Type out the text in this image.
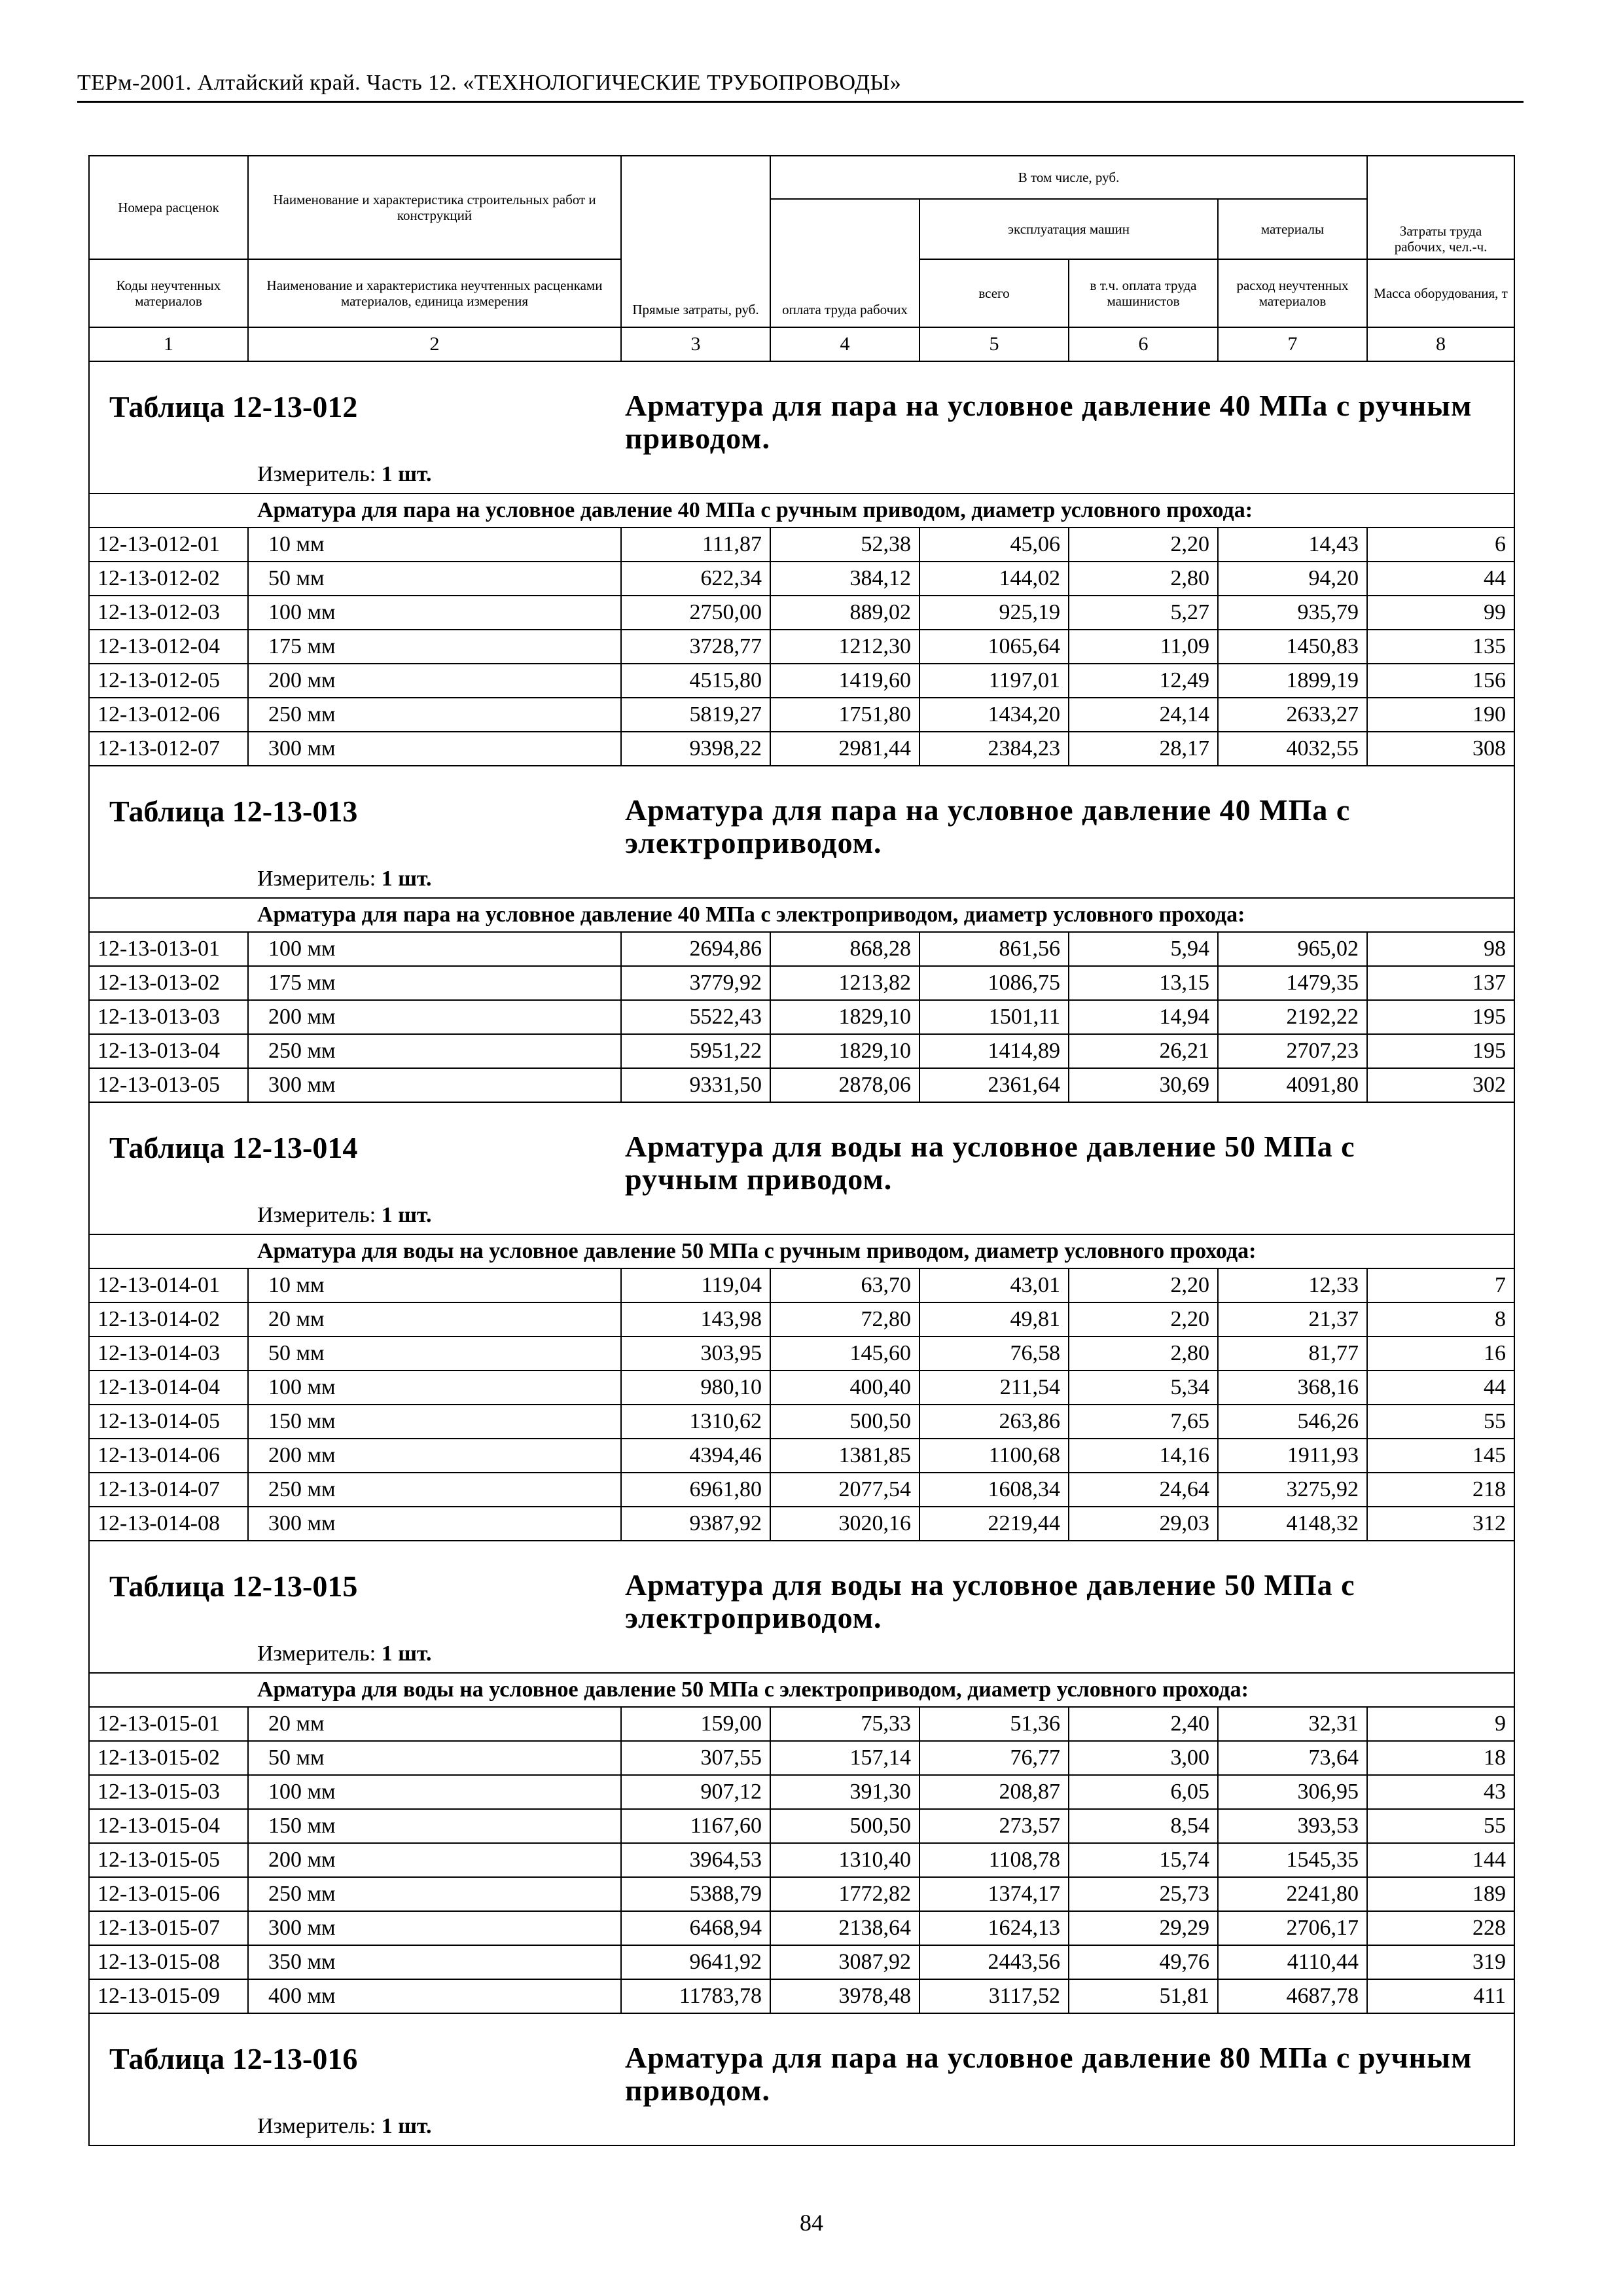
ТЕРм-2001. Алтайский край. Часть 12. «ТЕХНОЛОГИЧЕСКИЕ ТРУБОПРОВОДЫ»
Номера расценок	Наименование и характеристика строительных работ и конструкций	Прямые затраты, руб.	В том числе, руб.				Затраты труда рабочих, чел.-ч.
			оплата труда рабочих	эксплуатация машин		материалы	
Коды неучтенных материалов	Наименование и характеристика неучтенных расценками материалов, единица измерения			всего	в т.ч. оплата труда машинистов	расход неучтенных материалов	Масса оборудования, т
1	2	3	4	5	6	7	8

Таблица 12-13-012 Арматура для пара на условное давление 40 МПа с ручным приводом.
Измеритель: 1 шт.							

Арматура для пара на условное давление 40 МПа с ручным приводом, диаметр условного прохода:							
12-13-012-01	10 мм	111,87	52,38	45,06	2,20	14,43	6
12-13-012-02	50 мм	622,34	384,12	144,02	2,80	94,20	44
12-13-012-03	100 мм	2750,00	889,02	925,19	5,27	935,79	99
12-13-012-04	175 мм	3728,77	1212,30	1065,64	11,09	1450,83	135
12-13-012-05	200 мм	4515,80	1419,60	1197,01	12,49	1899,19	156
12-13-012-06	250 мм	5819,27	1751,80	1434,20	24,14	2633,27	190
12-13-012-07	300 мм	9398,22	2981,44	2384,23	28,17	4032,55	308

Таблица 12-13-013 Арматура для пара на условное давление 40 МПа с электроприводом.
Измеритель: 1 шт.							

Арматура для пара на условное давление 40 МПа с электроприводом, диаметр условного прохода:							
12-13-013-01	100 мм	2694,86	868,28	861,56	5,94	965,02	98
12-13-013-02	175 мм	3779,92	1213,82	1086,75	13,15	1479,35	137
12-13-013-03	200 мм	5522,43	1829,10	1501,11	14,94	2192,22	195
12-13-013-04	250 мм	5951,22	1829,10	1414,89	26,21	2707,23	195
12-13-013-05	300 мм	9331,50	2878,06	2361,64	30,69	4091,80	302

Таблица 12-13-014 Арматура для воды на условное давление 50 МПа с ручным приводом.
Измеритель: 1 шт.							

Арматура для воды на условное давление 50 МПа с ручным приводом, диаметр условного прохода:							
12-13-014-01	10 мм	119,04	63,70	43,01	2,20	12,33	7
12-13-014-02	20 мм	143,98	72,80	49,81	2,20	21,37	8
12-13-014-03	50 мм	303,95	145,60	76,58	2,80	81,77	16
12-13-014-04	100 мм	980,10	400,40	211,54	5,34	368,16	44
12-13-014-05	150 мм	1310,62	500,50	263,86	7,65	546,26	55
12-13-014-06	200 мм	4394,46	1381,85	1100,68	14,16	1911,93	145
12-13-014-07	250 мм	6961,80	2077,54	1608,34	24,64	3275,92	218
12-13-014-08	300 мм	9387,92	3020,16	2219,44	29,03	4148,32	312

Таблица 12-13-015 Арматура для воды на условное давление 50 МПа с электроприводом.
Измеритель: 1 шт.							

Арматура для воды на условное давление 50 МПа с электроприводом, диаметр условного прохода:							
12-13-015-01	20 мм	159,00	75,33	51,36	2,40	32,31	9
12-13-015-02	50 мм	307,55	157,14	76,77	3,00	73,64	18
12-13-015-03	100 мм	907,12	391,30	208,87	6,05	306,95	43
12-13-015-04	150 мм	1167,60	500,50	273,57	8,54	393,53	55
12-13-015-05	200 мм	3964,53	1310,40	1108,78	15,74	1545,35	144
12-13-015-06	250 мм	5388,79	1772,82	1374,17	25,73	2241,80	189
12-13-015-07	300 мм	6468,94	2138,64	1624,13	29,29	2706,17	228
12-13-015-08	350 мм	9641,92	3087,92	2443,56	49,76	4110,44	319
12-13-015-09	400 мм	11783,78	3978,48	3117,52	51,81	4687,78	411

Таблица 12-13-016 Арматура для пара на условное давление 80 МПа с ручным приводом.
Измеритель: 1 шт.							
84
